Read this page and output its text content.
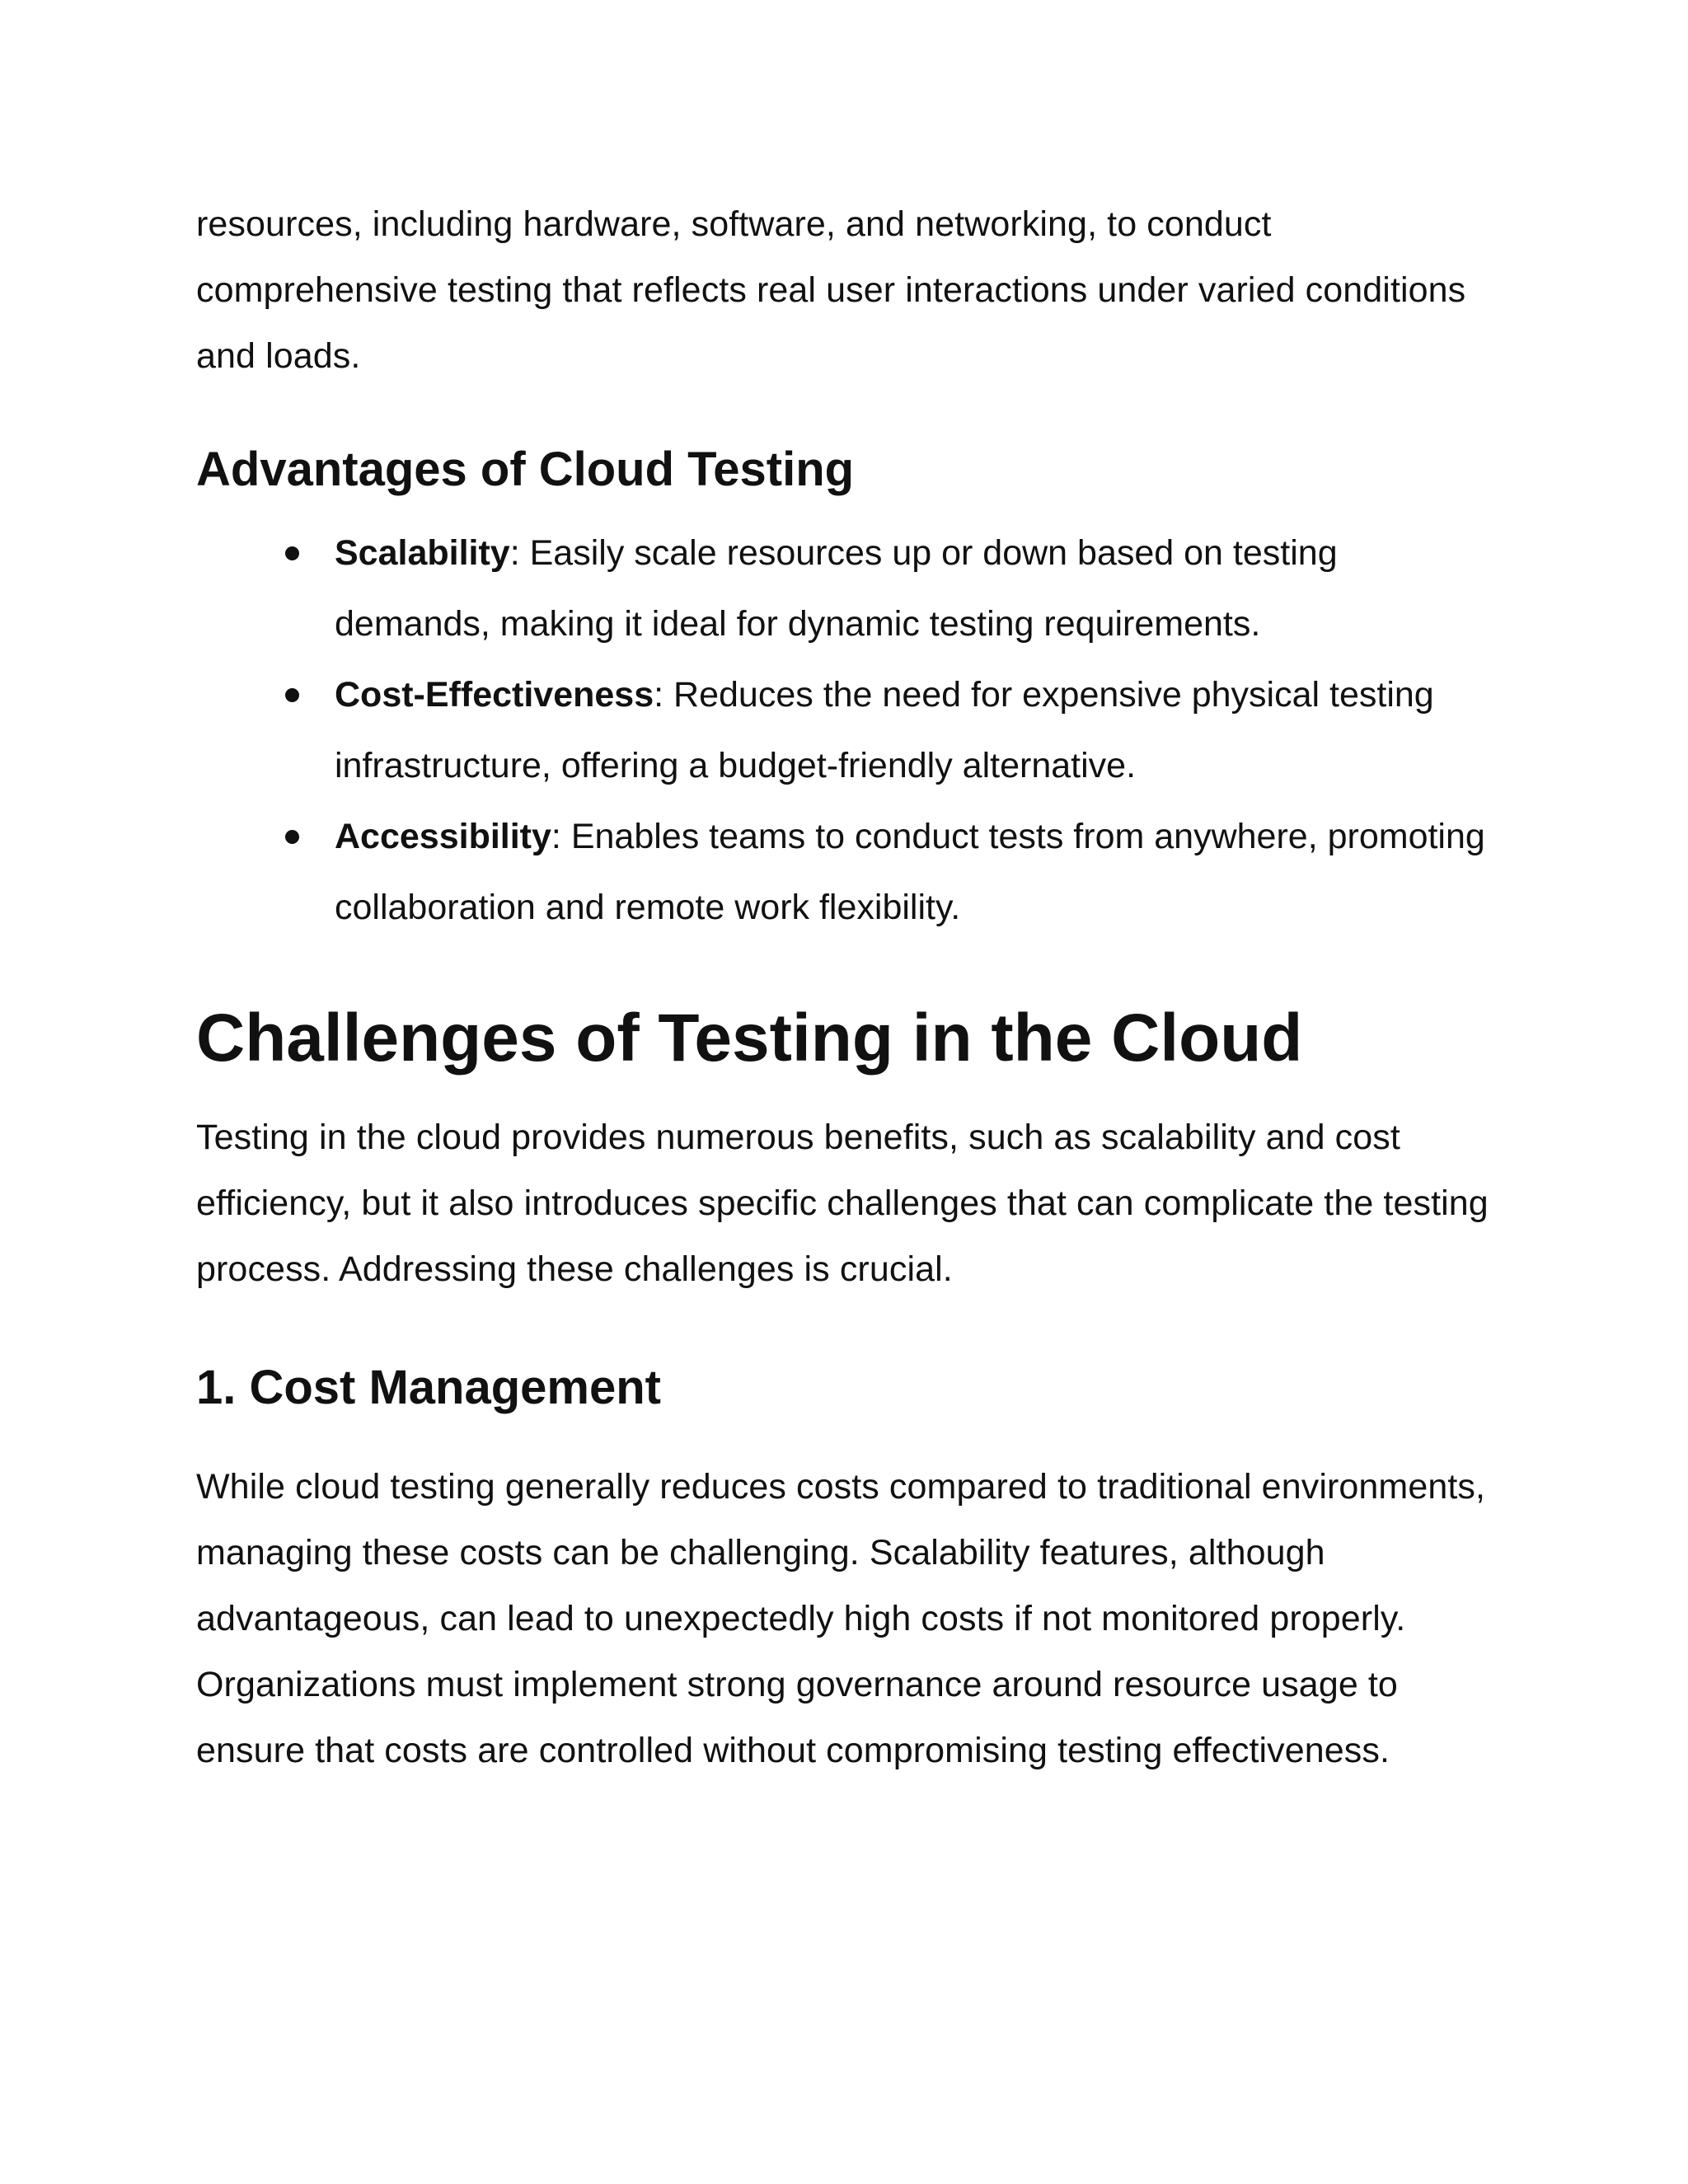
resources, including hardware, software, and networking, to conduct comprehensive testing that reflects real user interactions under varied conditions and loads.

Advantages of Cloud Testing
Scalability: Easily scale resources up or down based on testing demands, making it ideal for dynamic testing requirements.
Cost-Effectiveness: Reduces the need for expensive physical testing infrastructure, offering a budget-friendly alternative.
Accessibility: Enables teams to conduct tests from anywhere, promoting collaboration and remote work flexibility.
Challenges of Testing in the Cloud

Testing in the cloud provides numerous benefits, such as scalability and cost efficiency, but it also introduces specific challenges that can complicate the testing process. Addressing these challenges is crucial.

1. Cost Management

While cloud testing generally reduces costs compared to traditional environments, managing these costs can be challenging. Scalability features, although advantageous, can lead to unexpectedly high costs if not monitored properly. Organizations must implement strong governance around resource usage to ensure that costs are controlled without compromising testing effectiveness.
